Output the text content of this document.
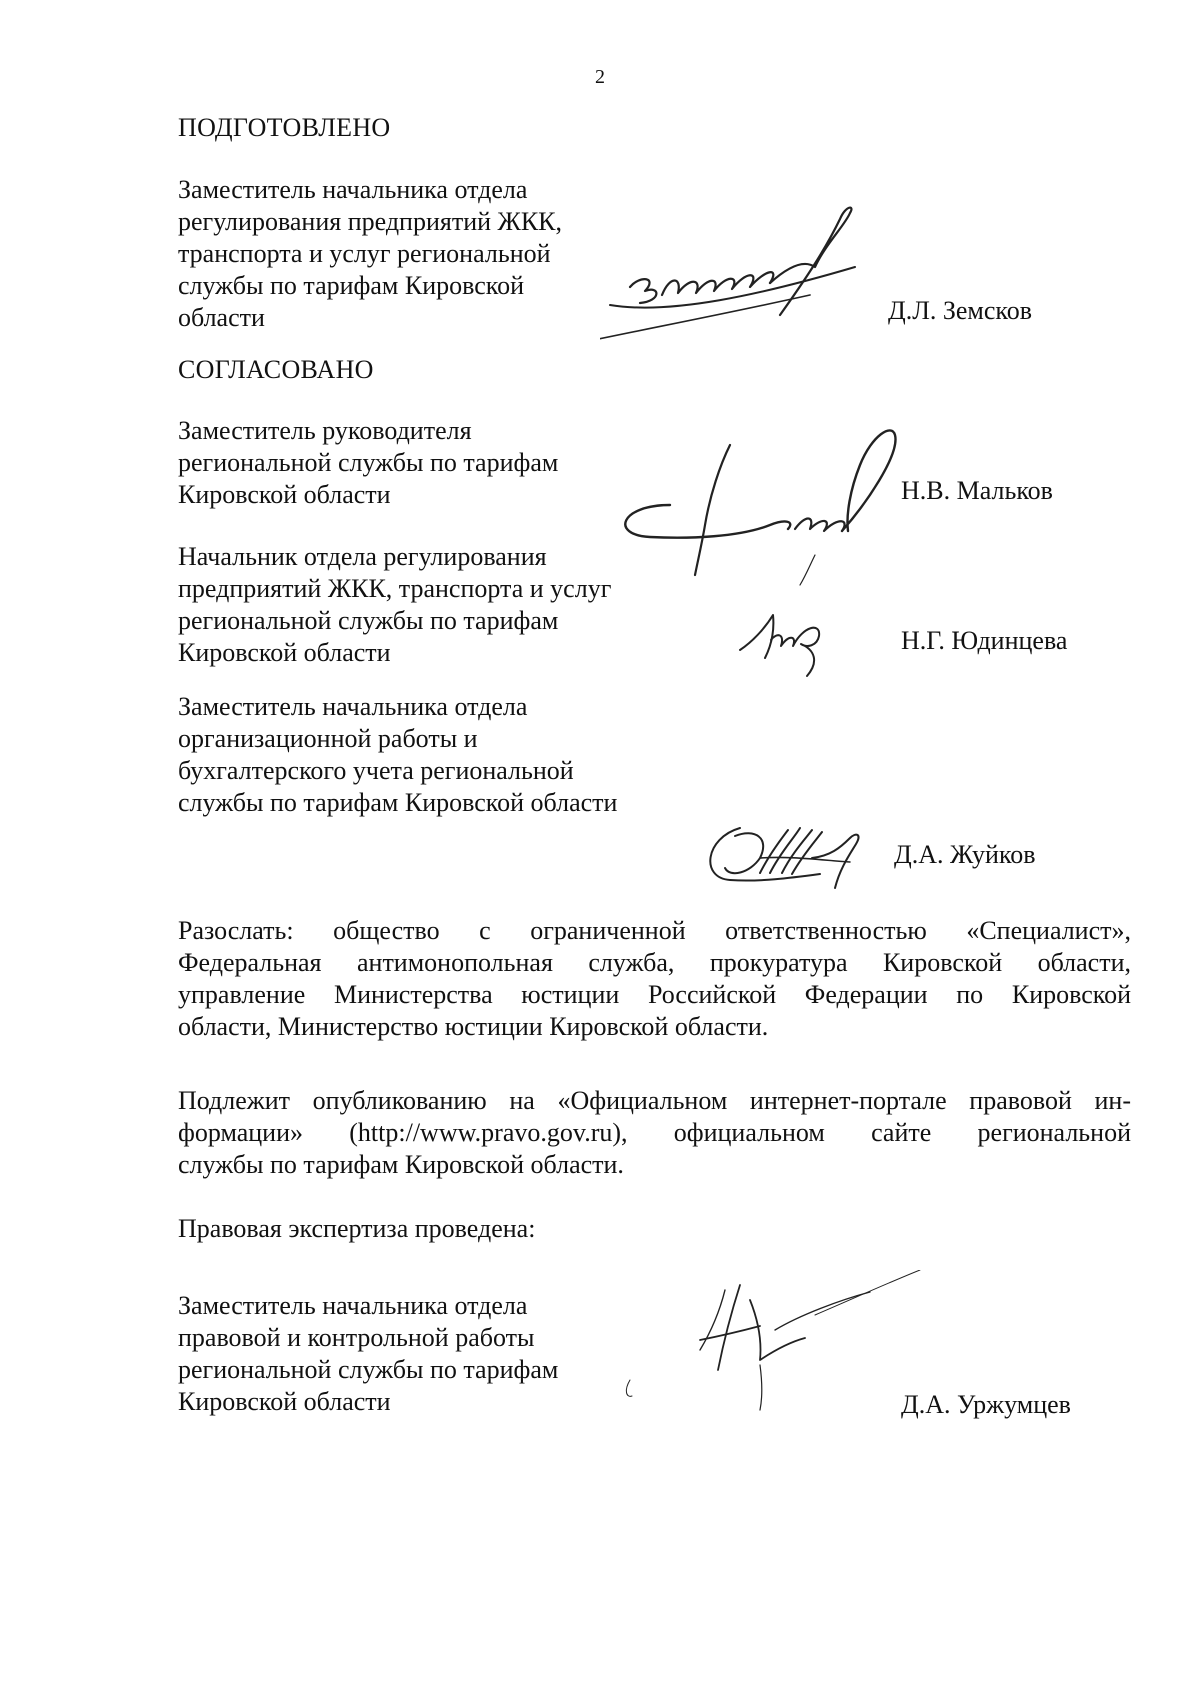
2
ПОДГОТОВЛЕНО
Заместитель начальника отдела
регулирования предприятий ЖКК,
транспорта и услуг региональной
службы по тарифам Кировской
области	Д.Л. Земсков
СОГЛАСОВАНО
Заместитель руководителя
региональной службы по тарифам
Кировской области	Н.В. Мальков
Начальник отдела регулирования
предприятий ЖКК, транспорта и услуг
региональной службы по тарифам
Кировской области	Н.Г. Юдинцева
Заместитель начальника отдела
организационной работы и
бухгалтерского учета региональной
службы по тарифам Кировской области
Д.А. Жуйков
Разослать: общество с ограниченной ответственностью «Специалист»,
Федеральная антимонопольная служба, прокуратура Кировской области,
управление Министерства юстиции Российской Федерации по Кировской
области, Министерство юстиции Кировской области.
Подлежит опубликованию на «Официальном интернет-портале правовой ин-
формации» (http://www.pravo.gov.ru), официальном сайте региональной
службы по тарифам Кировской области.
Правовая экспертиза проведена:
Заместитель начальника отдела
правовой и контрольной работы
региональной службы по тарифам
Кировской области	Д.А. Уржумцев
